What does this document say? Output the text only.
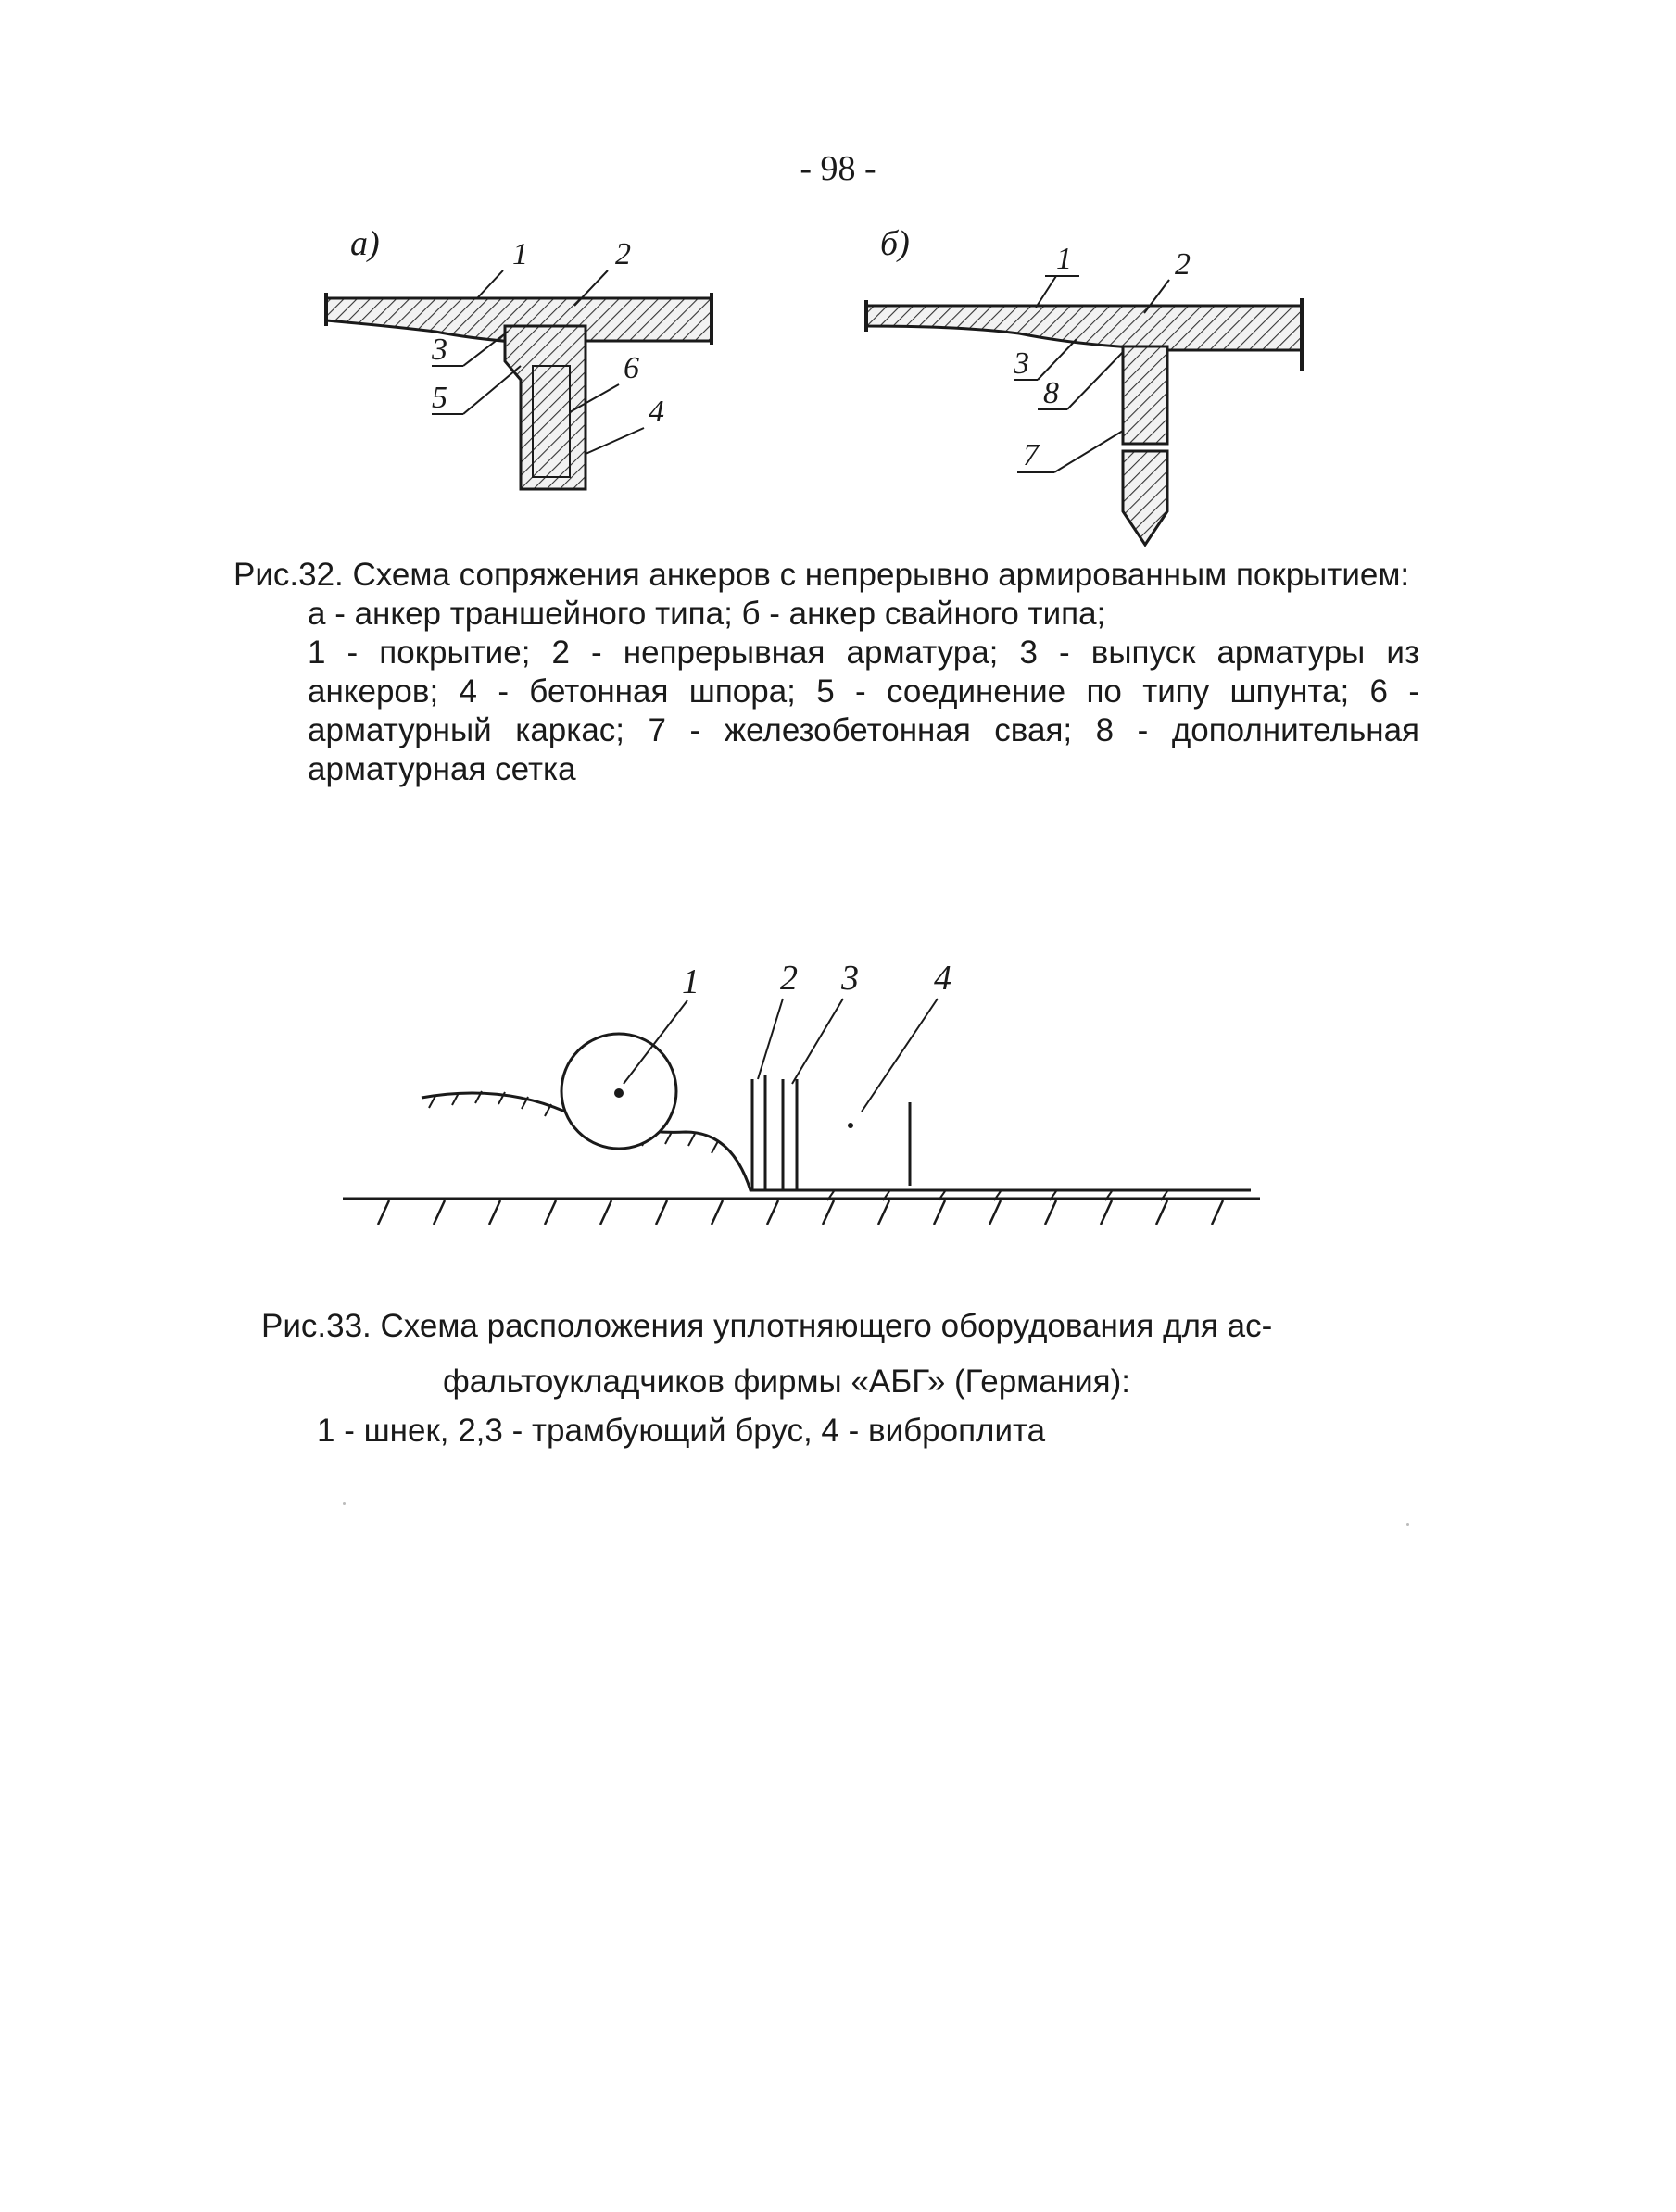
- 98 -
а)	1	2
3
5
6
4
б)	1	2
3
8
7
Рис.32. Схема сопряжения анкеров с непрерывно армированным покрытием:
а - анкер траншейного типа; б - анкер свайного типа;
1 - покрытие; 2 - непрерывная арматура; 3 - выпуск арматуры из анкеров; 4 - бетонная шпора; 5 - соединение по типу шпунта; 6 - арматурный каркас; 7 - железобетонная свая; 8 - дополнительная арматурная сетка
1 2 3 4
Рис.33. Схема расположения уплотняющего оборудования для ас-
фальтоукладчиков фирмы «АБГ» (Германия):
1 - шнек, 2,3 - трамбующий брус, 4 - виброплита
